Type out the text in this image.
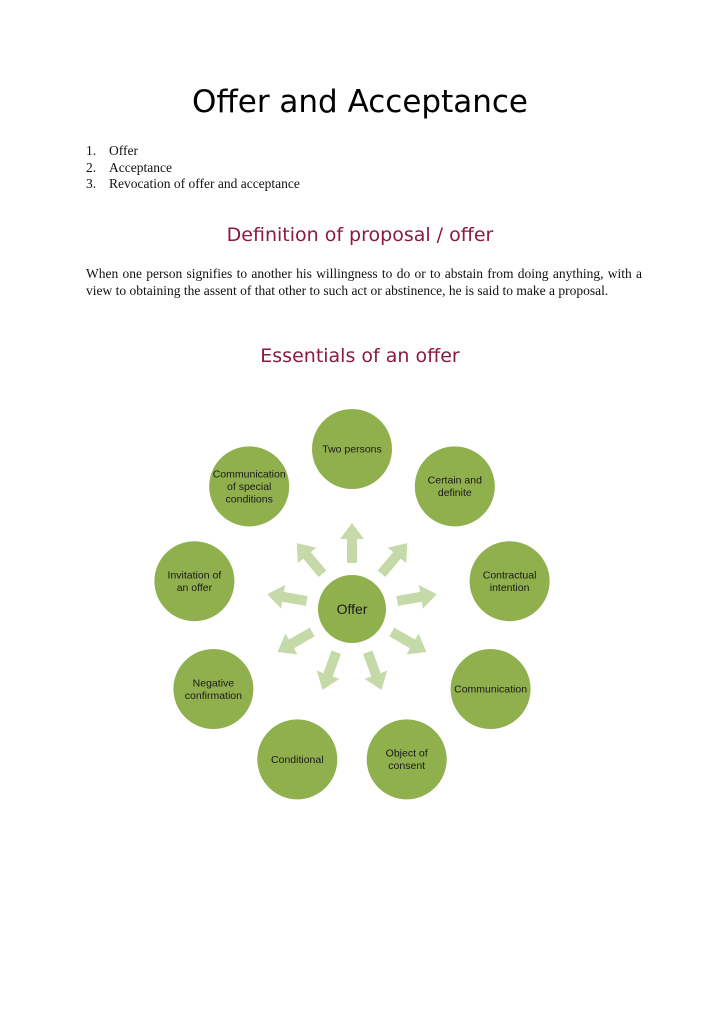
Offer and Acceptance
1. Offer
2. Acceptance
3. Revocation of offer and acceptance
Definition of proposal / offer

When one person signifies to another his willingness to do or to abstain from doing anything, with a view to obtaining the assent of that other to such act or abstinence, he is said to make a proposal.

Essentials of an offer
Offer
Two persons
Certain and
definite
Contractual
intention
Communication
Object of
consent
Conditional
Negative
confirmation
Invitation of
an offer
Communication
of special
conditions
